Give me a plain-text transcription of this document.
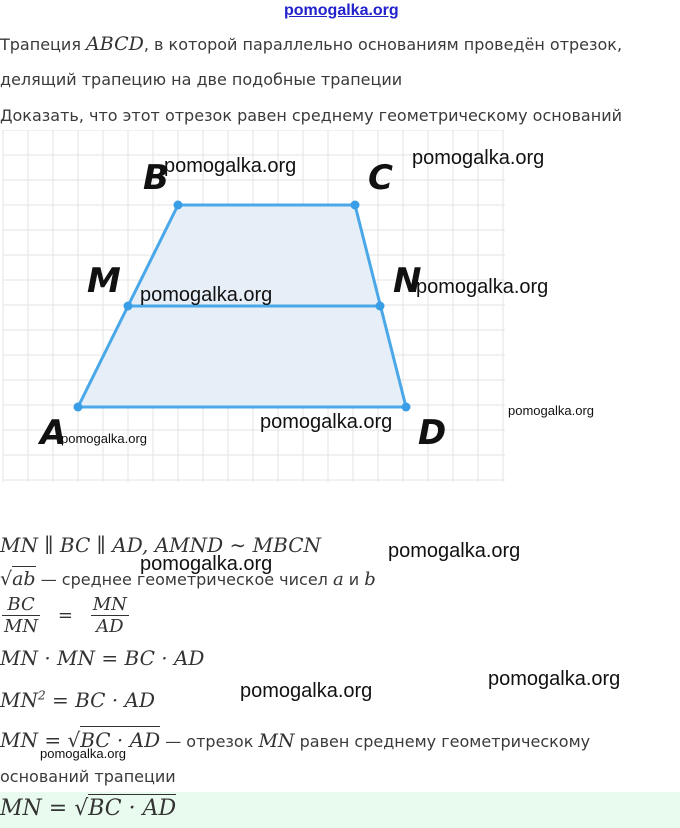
pomogalka.org
Трапеция ABCD, в которой параллельно основаниям проведён отрезок,
делящий трапецию на две подобные трапеции
Доказать, что этот отрезок равен среднему геометрическому оснований
B	C
M	N
A	D
pomogalka.org	pomogalka.org
pomogalka.org	pomogalka.org
pomogalka.org
pomogalka.org
pomogalka.org
MN ∥ BC ∥ AD, AMND ∼ MBCN	pomogalka.org
pomogalka.org
√ab — среднее геометрическое чисел a и b
$\frac{BC}{MN} = \frac{MN}{AD}$
MN · MN = BC · AD
$MN^2$ = BC · AD	pomogalka.org
pomogalka.org
MN = √BC · AD — отрезок MN равен среднему геометрическому
pomogalka.org
оснований трапеции
MN = √BC · AD
